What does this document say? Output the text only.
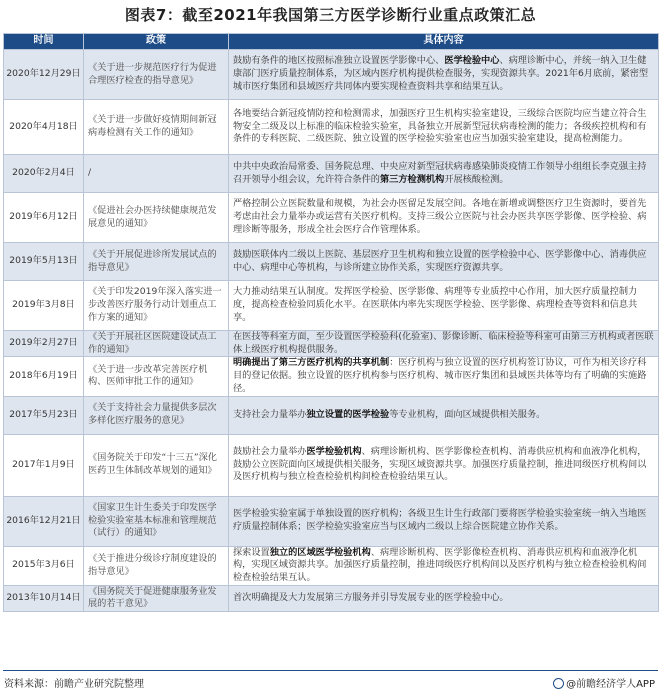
图表7：截至2021年我国第三方医学诊断行业重点政策汇总
时间	政策	具体内容
2020年12月29日	《关于进一步规范医疗行为促进合理医疗检查的指导意见》	鼓励有条件的地区按照标准独立设置医学影像中心、医学检验中心、病理诊断中心，并统一纳入卫生健康部门医疗质量控制体系，为区域内医疗机构提供检查服务，实现资源共享。2021年6月底前，紧密型城市医疗集团和县域医疗共同体内要实现检查资料共享和结果互认。
2020年4月18日	《关于进一步做好疫情期间新冠病毒检测有关工作的通知》	各地要结合新冠疫情防控和检测需求，加强医疗卫生机构实验室建设，三级综合医院均应当建立符合生物安全二级及以上标准的临床检验实验室，具备独立开展新型冠状病毒检测的能力；各级疾控机构和有条件的专科医院、二级医院、独立设置的医学检验实验室也应当加强实验室建设，提高检测能力。
2020年2月4日	/	中共中央政治局常委、国务院总理、中央应对新型冠状病毒感染肺炎疫情工作领导小组组长李克强主持召开领导小组会议，允许符合条件的第三方检测机构开展核酸检测。
2019年6月12日	《促进社会办医持续健康规范发展意见的通知》	严格控制公立医院数量和规模，为社会办医留足发展空间。各地在新增或调整医疗卫生资源时，要首先考虑由社会力量举办或运营有关医疗机构。支持三级公立医院与社会办医共享医学影像、医学检验、病理诊断等服务，形成全社会医疗合作管理体系。
2019年5月13日	《关于开展促进诊所发展试点的指导意见》	鼓励医联体内二级以上医院、基层医疗卫生机构和独立设置的医学检验中心、医学影像中心、消毒供应中心、病理中心等机构，与诊所建立协作关系，实现医疗资源共享。
2019年3月8日	《关于印发2019年深入落实进一步改善医疗服务行动计划重点工作方案的通知》	大力推动结果互认制度。发挥医学检验、医学影像、病理等专业质控中心作用，加大医疗质量控制力度，提高检查检验同质化水平。在医联体内率先实现医学检验、医学影像、病理检查等资料和信息共享。
2019年2月27日	《关于开展社区医院建设试点工作的通知》	在医技等科室方面，至少设置医学检验科(化验室)、影像诊断、临床检验等科室可由第三方机构或者医联体上级医疗机构提供服务。
2018年6月19日	《关于进一步改革完善医疗机构、医师审批工作的通知》	明确提出了第三方医疗机构的共享机制：医疗机构与独立设置的医疗机构签订协议，可作为相关诊疗科目的登记依据。独立设置的医疗机构参与医疗机构、城市医疗集团和县域医共体等均有了明确的实施路径。
2017年5月23日	《关于支持社会力量提供多层次多样化医疗服务的意见》	支持社会力量举办独立设置的医学检验等专业机构，面向区域提供相关服务。
2017年1月9日	《国务院关于印发“十三五”深化医药卫生体制改革规划的通知》	鼓励社会力量举办医学检验机构、病理诊断机构、医学影像检查机构、消毒供应机构和血液净化机构，鼓励公立医院面向区域提供相关服务，实现区域资源共享。加强医疗质量控制，推进同级医疗机构间以及医疗机构与独立检查检验机构间检查检验结果互认。
2016年12月21日	《国家卫生计生委关于印发医学检验实验室基本标准和管理规范（试行）的通知》	医学检验实验室属于单独设置的医疗机构；各级卫生计生行政部门要将医学检验实验室统一纳入当地医疗质量控制体系；医学检验实验室应当与区域内二级以上综合医院建立协作关系。
2015年3月6日	《关于推进分级诊疗制度建设的指导意见》	探索设置独立的区域医学检验机构、病理诊断机构、医学影像检查机构、消毒供应机构和血液净化机构，实现区域资源共享。加强医疗质量控制，推进同级医疗机构间以及医疗机构与独立检查检验机构间检查检验结果互认。
2013年10月14日	《国务院关于促进健康服务业发展的若干意见》	首次明确提及大力发展第三方服务并引导发展专业的医学检验中心。
资料来源：前瞻产业研究院整理	@前瞻经济学人APP
